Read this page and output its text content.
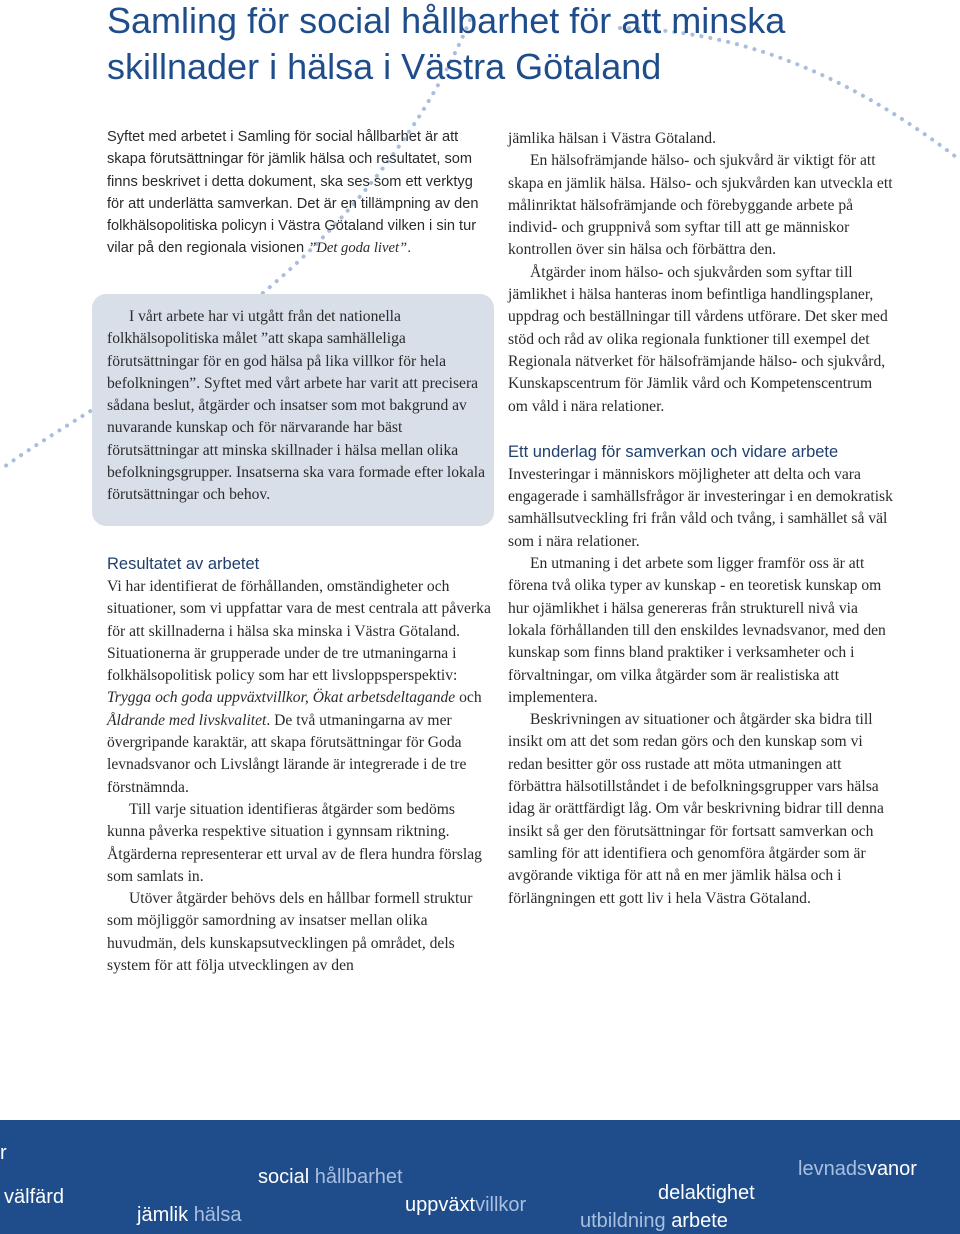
Samling för social hållbarhet för att minska
skillnader i hälsa i Västra Götaland

Syftet med arbetet i Samling för social hållbarhet är att skapa förutsättningar för jämlik hälsa och resultatet, som finns beskrivet i detta dokument, ska ses som ett verktyg för att underlätta samverkan. Det är en tillämpning av den folkhälsopolitiska policyn i Västra Götaland vilken i sin tur vilar på den regionala visionen ”Det goda livet”.

I vårt arbete har vi utgått från det nationella folkhälsopolitiska målet ”att skapa samhälleliga förutsättningar för en god hälsa på lika villkor för hela befolkningen”. Syftet med vårt arbete har varit att precisera sådana beslut, åtgärder och insatser som mot bakgrund av nuvarande kunskap och för närvarande har bäst förutsättningar att minska skillnader i hälsa mellan olika befolkningsgrupper. Insatserna ska vara formade efter lokala förutsättningar och behov.

Resultatet av arbetet

Vi har identifierat de förhållanden, omständigheter och situationer, som vi uppfattar vara de mest centrala att påverka för att skillnaderna i hälsa ska minska i Västra Götaland. Situationerna är grupperade under de tre utmaningarna i folkhälsopolitisk policy som har ett livsloppsperspektiv: Trygga och goda uppväxtvillkor, Ökat arbetsdeltagande och Åldrande med livskvalitet. De två utmaningarna av mer övergripande karaktär, att skapa förutsättningar för Goda levnadsvanor och Livslångt lärande är integrerade i de tre förstnämnda.

Till varje situation identifieras åtgärder som bedöms kunna påverka respektive situation i gynnsam riktning. Åtgärderna representerar ett urval av de flera hundra förslag som samlats in.

Utöver åtgärder behövs dels en hållbar formell struktur som möjliggör samordning av insatser mellan olika huvudmän, dels kunskapsutvecklingen på området, dels system för att följa utvecklingen av den

jämlika hälsan i Västra Götaland.

En hälsofrämjande hälso- och sjukvård är viktigt för att skapa en jämlik hälsa. Hälso- och sjukvården kan utveckla ett målinriktat hälsofrämjande och förebyggande arbete på individ- och gruppnivå som syftar till att ge människor kontrollen över sin hälsa och förbättra den.

Åtgärder inom hälso- och sjukvården som syftar till jämlikhet i hälsa hanteras inom befintliga handlingsplaner, uppdrag och beställningar till vårdens utförare. Det sker med stöd och råd av olika regionala funktioner till exempel det Regionala nätverket för hälsofrämjande hälso- och sjukvård, Kunskapscentrum för Jämlik vård och Kompetenscentrum om våld i nära relationer.

Ett underlag för samverkan och vidare arbete

Investeringar i människors möjligheter att delta och vara engagerade i samhällsfrågor är investeringar i en demokratisk samhällsutveckling fri från våld och tvång, i samhället så väl som i nära relationer.

En utmaning i det arbete som ligger framför oss är att förena två olika typer av kunskap - en teoretisk kunskap om hur ojämlikhet i hälsa genereras från strukturell nivå via lokala förhållanden till den enskildes levnadsvanor, med den kunskap som finns bland praktiker i verksamheter och i förvaltningar, om vilka åtgärder som är realistiska att implementera.

Beskrivningen av situationer och åtgärder ska bidra till insikt om att det som redan görs och den kunskap som vi redan besitter gör oss rustade att möta utmaningen att förbättra hälsotillståndet i de befolkningsgrupper vars hälsa idag är orättfärdigt låg. Om vår beskrivning bidrar till denna insikt så ger den förutsättningar för fortsatt samverkan och samling för att identifiera och genomföra åtgärder som är avgörande viktiga för att nå en mer jämlik hälsa och i förlängningen ett gott liv i hela Västra Götaland.

r
välfärd
social hållbarhet
jämlik hälsa	uppväxtvillkor
delaktighet
levnadsvanor
utbildning arbete
